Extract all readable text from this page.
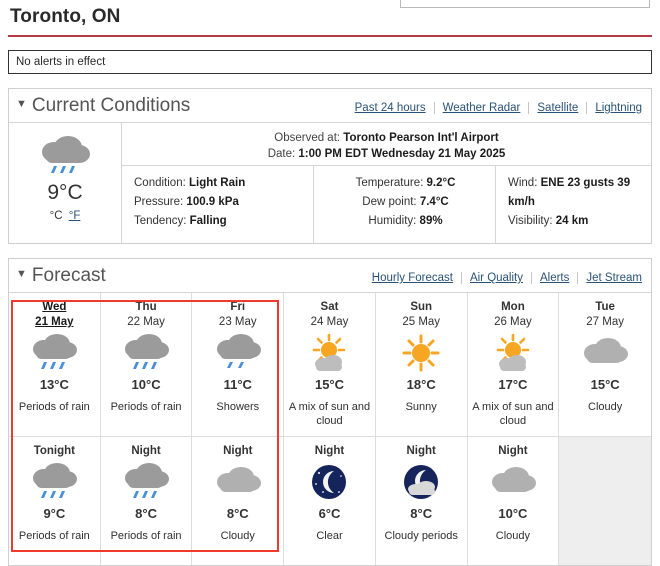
Toronto, ON
No alerts in effect
▼ Current Conditions	Past 24 hours	Weather Radar	Satellite	Lightning
9°C
°C °F
Observed at: Toronto Pearson Int'l Airport
Date: 1:00 PM EDT Wednesday 21 May 2025
Condition: Light Rain
Pressure: 100.9 kPa
Tendency: Falling
Temperature: 9.2°C
Dew point: 7.4°C
Humidity: 89%
Wind: ENE 23 gusts 39 km/h
Visibility: 24 km
▼ Forecast	Hourly Forecast	Air Quality	Alerts	Jet Stream
Wed
21 May
13°C
Periods of rain
Thu
22 May
10°C
Periods of rain
Fri
23 May
11°C
Showers
Sat
24 May
15°C
A mix of sun and cloud
Sun
25 May
18°C
Sunny
Mon
26 May
17°C
A mix of sun and cloud
Tue
27 May
15°C
Cloudy
Tonight
9°C
Periods of rain
Night
8°C
Periods of rain
Night
8°C
Cloudy
Night
6°C
Clear
Night
8°C
Cloudy periods
Night
10°C
Cloudy
